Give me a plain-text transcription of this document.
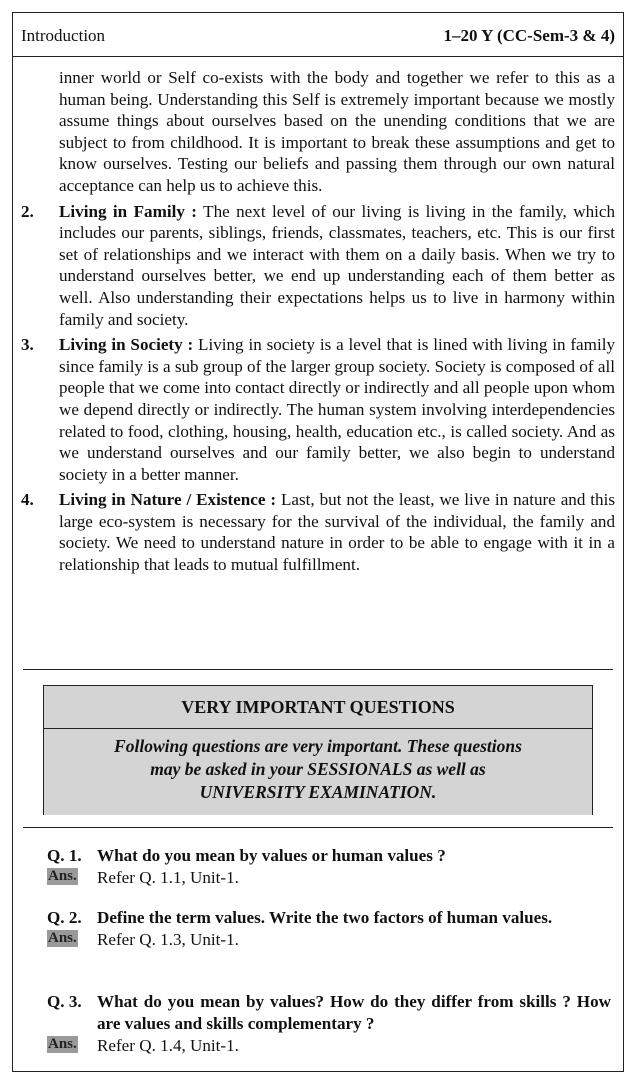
Introduction	1–20 Y (CC-Sem-3 & 4)
inner world or Self co-exists with the body and together we refer to this as a human being. Understanding this Self is extremely important because we mostly assume things about ourselves based on the unending conditions that we are subject to from childhood. It is important to break these assumptions and get to know ourselves. Testing our beliefs and passing them through our own natural acceptance can help us to achieve this.
2. Living in Family : The next level of our living is living in the family, which includes our parents, siblings, friends, classmates, teachers, etc. This is our first set of relationships and we interact with them on a daily basis. When we try to understand ourselves better, we end up understanding each of them better as well. Also understanding their expectations helps us to live in harmony within family and society.
3. Living in Society : Living in society is a level that is lined with living in family since family is a sub group of the larger group society. Society is composed of all people that we come into contact directly or indirectly and all people upon whom we depend directly or indirectly. The human system involving interdependencies related to food, clothing, housing, health, education etc., is called society. And as we understand ourselves and our family better, we also begin to understand society in a better manner.
4. Living in Nature / Existence : Last, but not the least, we live in nature and this large eco-system is necessary for the survival of the individual, the family and society. We need to understand nature in order to be able to engage with it in a relationship that leads to mutual fulfillment.
VERY IMPORTANT QUESTIONS
Following questions are very important. These questions
may be asked in your SESSIONALS as well as
UNIVERSITY EXAMINATION.
Q. 1. What do you mean by values or human values ?
Ans. Refer Q. 1.1, Unit-1.
Q. 2. Define the term values. Write the two factors of human values.
Ans. Refer Q. 1.3, Unit-1.
Q. 3. What do you mean by values? How do they differ from skills ? How are values and skills complementary ?
Ans. Refer Q. 1.4, Unit-1.
